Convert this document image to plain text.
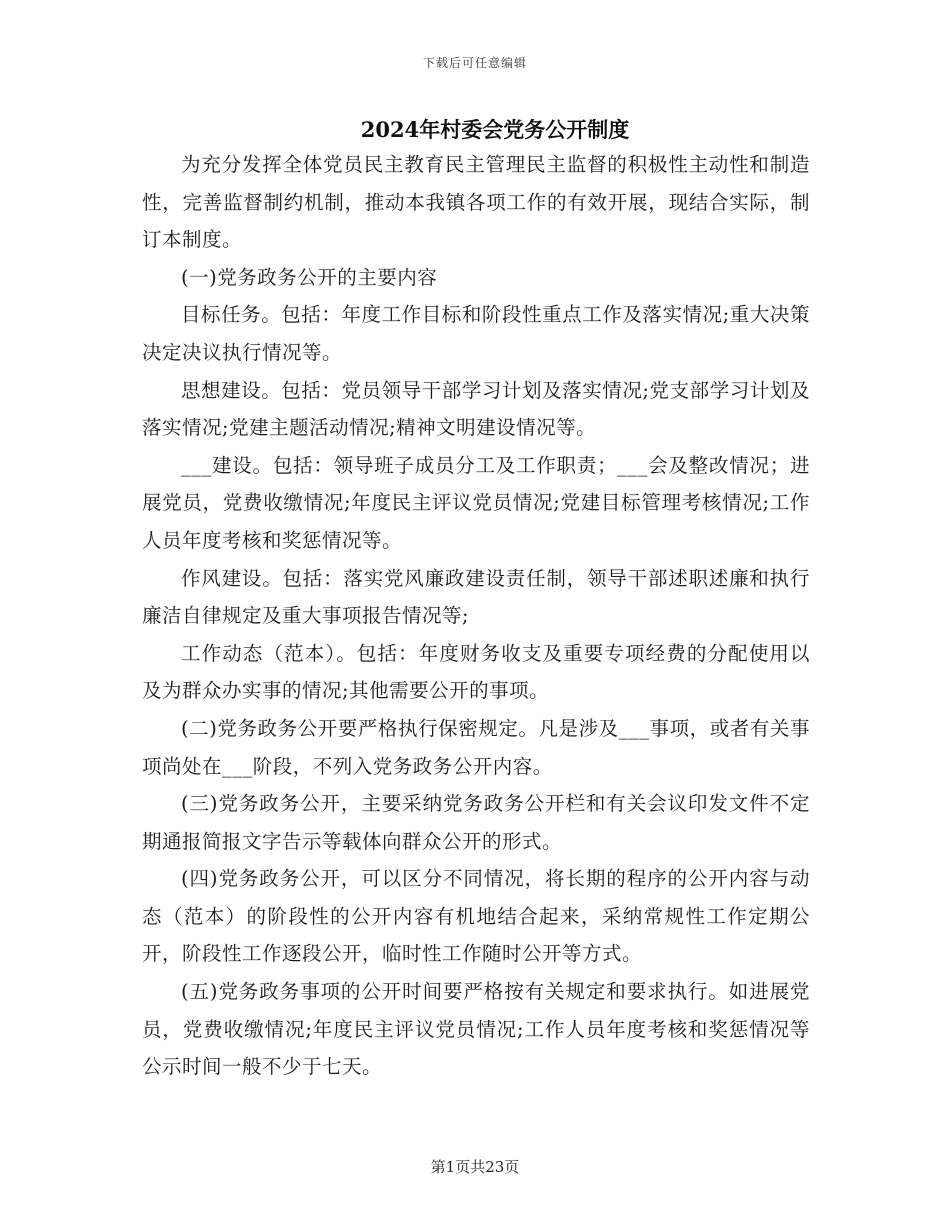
下载后可任意编辑
2024年村委会党务公开制度

为充分发挥全体党员民主教育民主管理民主监督的积极性主动性和制造性，完善监督制约机制，推动本我镇各项工作的有效开展，现结合实际，制订本制度。

(一)党务政务公开的主要内容

目标任务。包括：年度工作目标和阶段性重点工作及落实情况;重大决策决定决议执行情况等。

思想建设。包括：党员领导干部学习计划及落实情况;党支部学习计划及落实情况;党建主题活动情况;精神文明建设情况等。

___建设。包括：领导班子成员分工及工作职责；___会及整改情况；进展党员，党费收缴情况;年度民主评议党员情况;党建目标管理考核情况;工作人员年度考核和奖惩情况等。

作风建设。包括：落实党风廉政建设责任制，领导干部述职述廉和执行廉洁自律规定及重大事项报告情况等;

工作动态（范本）。包括：年度财务收支及重要专项经费的分配使用以及为群众办实事的情况;其他需要公开的事项。

(二)党务政务公开要严格执行保密规定。凡是涉及___事项，或者有关事项尚处在___阶段，不列入党务政务公开内容。

(三)党务政务公开，主要采纳党务政务公开栏和有关会议印发文件不定期通报简报文字告示等载体向群众公开的形式。

(四)党务政务公开，可以区分不同情况，将长期的程序的公开内容与动态（范本）的阶段性的公开内容有机地结合起来，采纳常规性工作定期公开，阶段性工作逐段公开，临时性工作随时公开等方式。

(五)党务政务事项的公开时间要严格按有关规定和要求执行。如进展党员，党费收缴情况;年度民主评议党员情况;工作人员年度考核和奖惩情况等公示时间一般不少于七天。

第1页共23页
